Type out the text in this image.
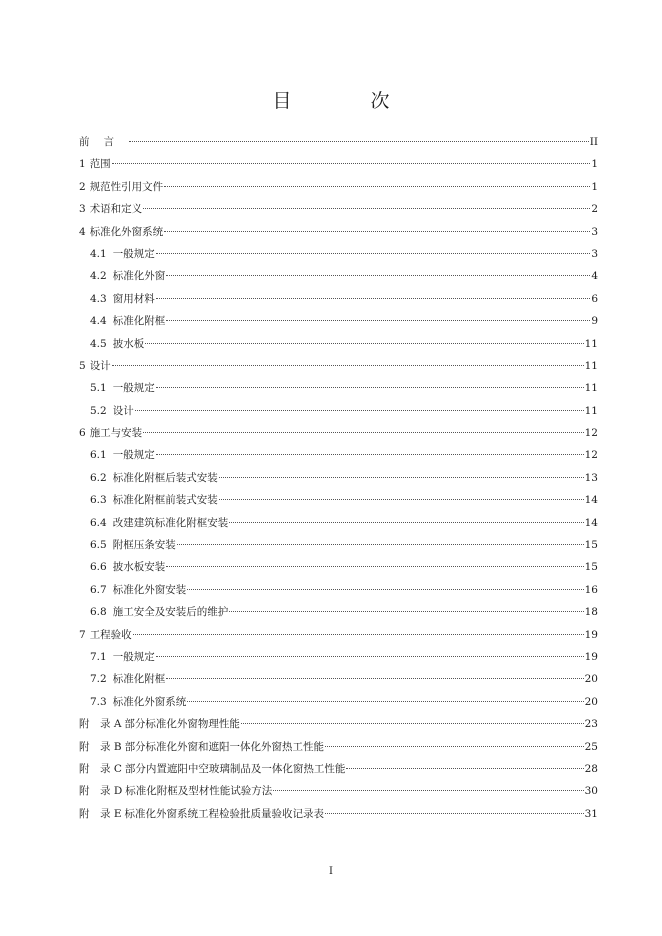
目　次
前言	II
1 范围	1
2 规范性引用文件	1
3 术语和定义	2
4 标准化外窗系统	3
4.1 一般规定	3
4.2 标准化外窗	4
4.3 窗用材料	6
4.4 标准化附框	9
4.5 披水板	11
5 设计	11
5.1 一般规定	11
5.2 设计	11
6 施工与安装	12
6.1 一般规定	12
6.2 标准化附框后装式安装	13
6.3 标准化附框前装式安装	14
6.4 改建建筑标准化附框安装	14
6.5 附框压条安装	15
6.6 披水板安装	15
6.7 标准化外窗安装	16
6.8 施工安全及安装后的维护	18
7 工程验收	19
7.1 一般规定	19
7.2 标准化附框	20
7.3 标准化外窗系统	20
附　录 A 部分标准化外窗物理性能	23
附　录 B 部分标准化外窗和遮阳一体化外窗热工性能	25
附　录 C 部分内置遮阳中空玻璃制品及一体化窗热工性能	28
附　录 D 标准化附框及型材性能试验方法	30
附　录 E 标准化外窗系统工程检验批质量验收记录表	31
I
